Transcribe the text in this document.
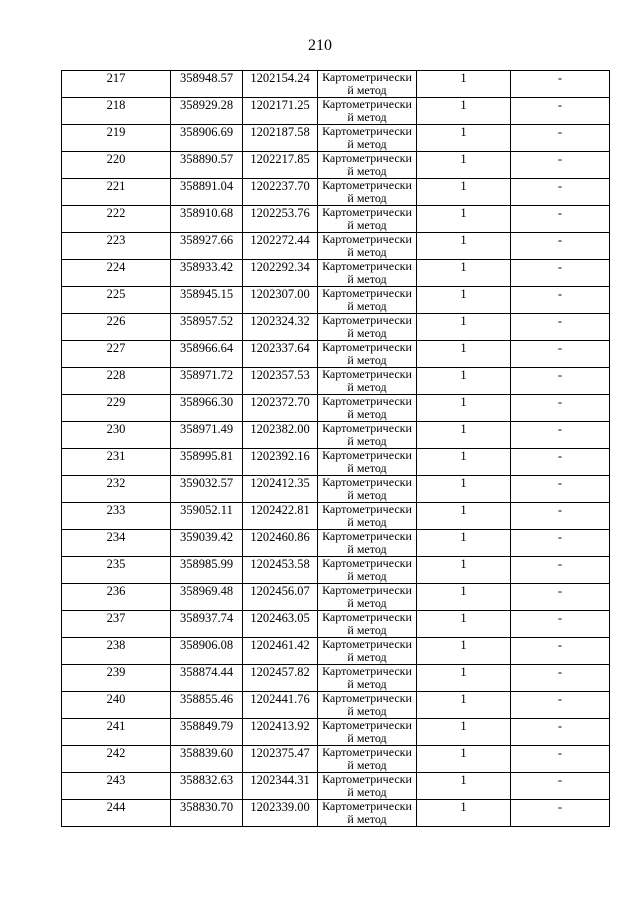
210
217	358948.57	1202154.24	Картометрически й метод	1	-

218	358929.28	1202171.25	Картометрически й метод	1	-

219	358906.69	1202187.58	Картометрически й метод	1	-

220	358890.57	1202217.85	Картометрически й метод	1	-

221	358891.04	1202237.70	Картометрически й метод	1	-

222	358910.68	1202253.76	Картометрически й метод	1	-

223	358927.66	1202272.44	Картометрически й метод	1	-

224	358933.42	1202292.34	Картометрически й метод	1	-

225	358945.15	1202307.00	Картометрически й метод	1	-

226	358957.52	1202324.32	Картометрически й метод	1	-

227	358966.64	1202337.64	Картометрически й метод	1	-

228	358971.72	1202357.53	Картометрически й метод	1	-

229	358966.30	1202372.70	Картометрически й метод	1	-

230	358971.49	1202382.00	Картометрически й метод	1	-

231	358995.81	1202392.16	Картометрически й метод	1	-

232	359032.57	1202412.35	Картометрически й метод	1	-

233	359052.11	1202422.81	Картометрически й метод	1	-

234	359039.42	1202460.86	Картометрически й метод	1	-

235	358985.99	1202453.58	Картометрически й метод	1	-

236	358969.48	1202456.07	Картометрически й метод	1	-

237	358937.74	1202463.05	Картометрически й метод	1	-

238	358906.08	1202461.42	Картометрически й метод	1	-

239	358874.44	1202457.82	Картометрически й метод	1	-

240	358855.46	1202441.76	Картометрически й метод	1	-

241	358849.79	1202413.92	Картометрически й метод	1	-

242	358839.60	1202375.47	Картометрически й метод	1	-

243	358832.63	1202344.31	Картометрически й метод	1	-

244	358830.70	1202339.00	Картометрически й метод	1	-
